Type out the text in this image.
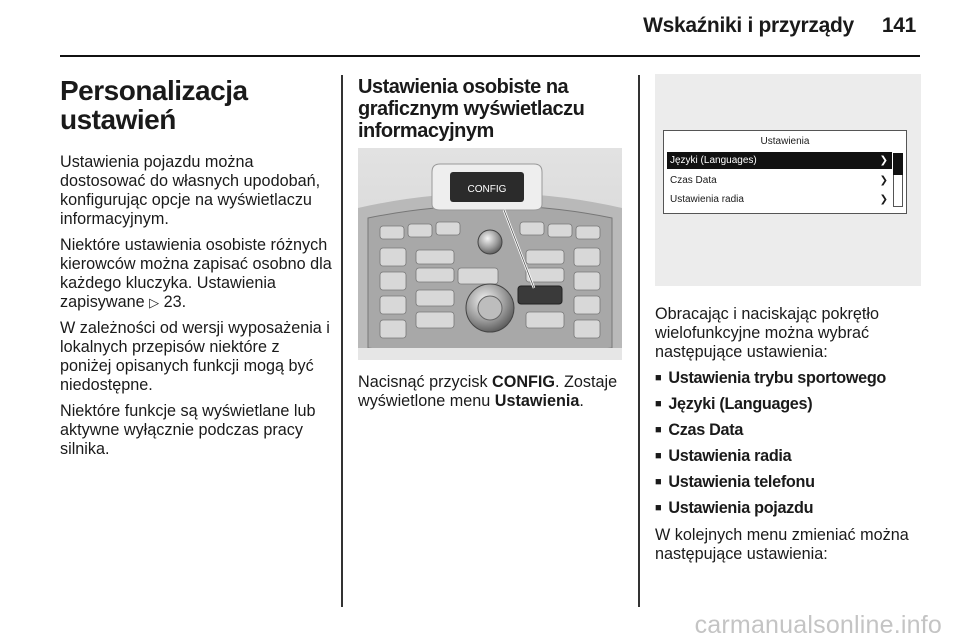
Wskaźniki i przyrządy 141
Personalizacja
ustawień

Ustawienia pojazdu można dostosować do własnych upodobań, konfigurując opcje na wyświetlaczu informacyjnym.

Niektóre ustawienia osobiste różnych kierowców można zapisać osobno dla każdego kluczyka. Ustawienia zapisywane ▷ 23.

W zależności od wersji wyposażenia i lokalnych przepisów niektóre z poniżej opisanych funkcji mogą być niedostępne.

Niektóre funkcje są wyświetlane lub aktywne wyłącznie podczas pracy silnika.

Ustawienia osobiste na
graficznym wyświetlaczu
informacyjnym
CONFIG

Nacisnąć przycisk CONFIG. Zostaje wyświetlone menu Ustawienia.

Ustawienia
Języki (Languages)	❯
Czas Data	❯
Ustawienia radia	❯

Obracając i naciskając pokrętło wielofunkcyjne można wybrać następujące ustawienia:

■ Ustawienia trybu sportowego
■ Języki (Languages)
■ Czas Data
■ Ustawienia radia
■ Ustawienia telefonu
■ Ustawienia pojazdu

W kolejnych menu zmieniać można następujące ustawienia:

carmanualsonline.info
